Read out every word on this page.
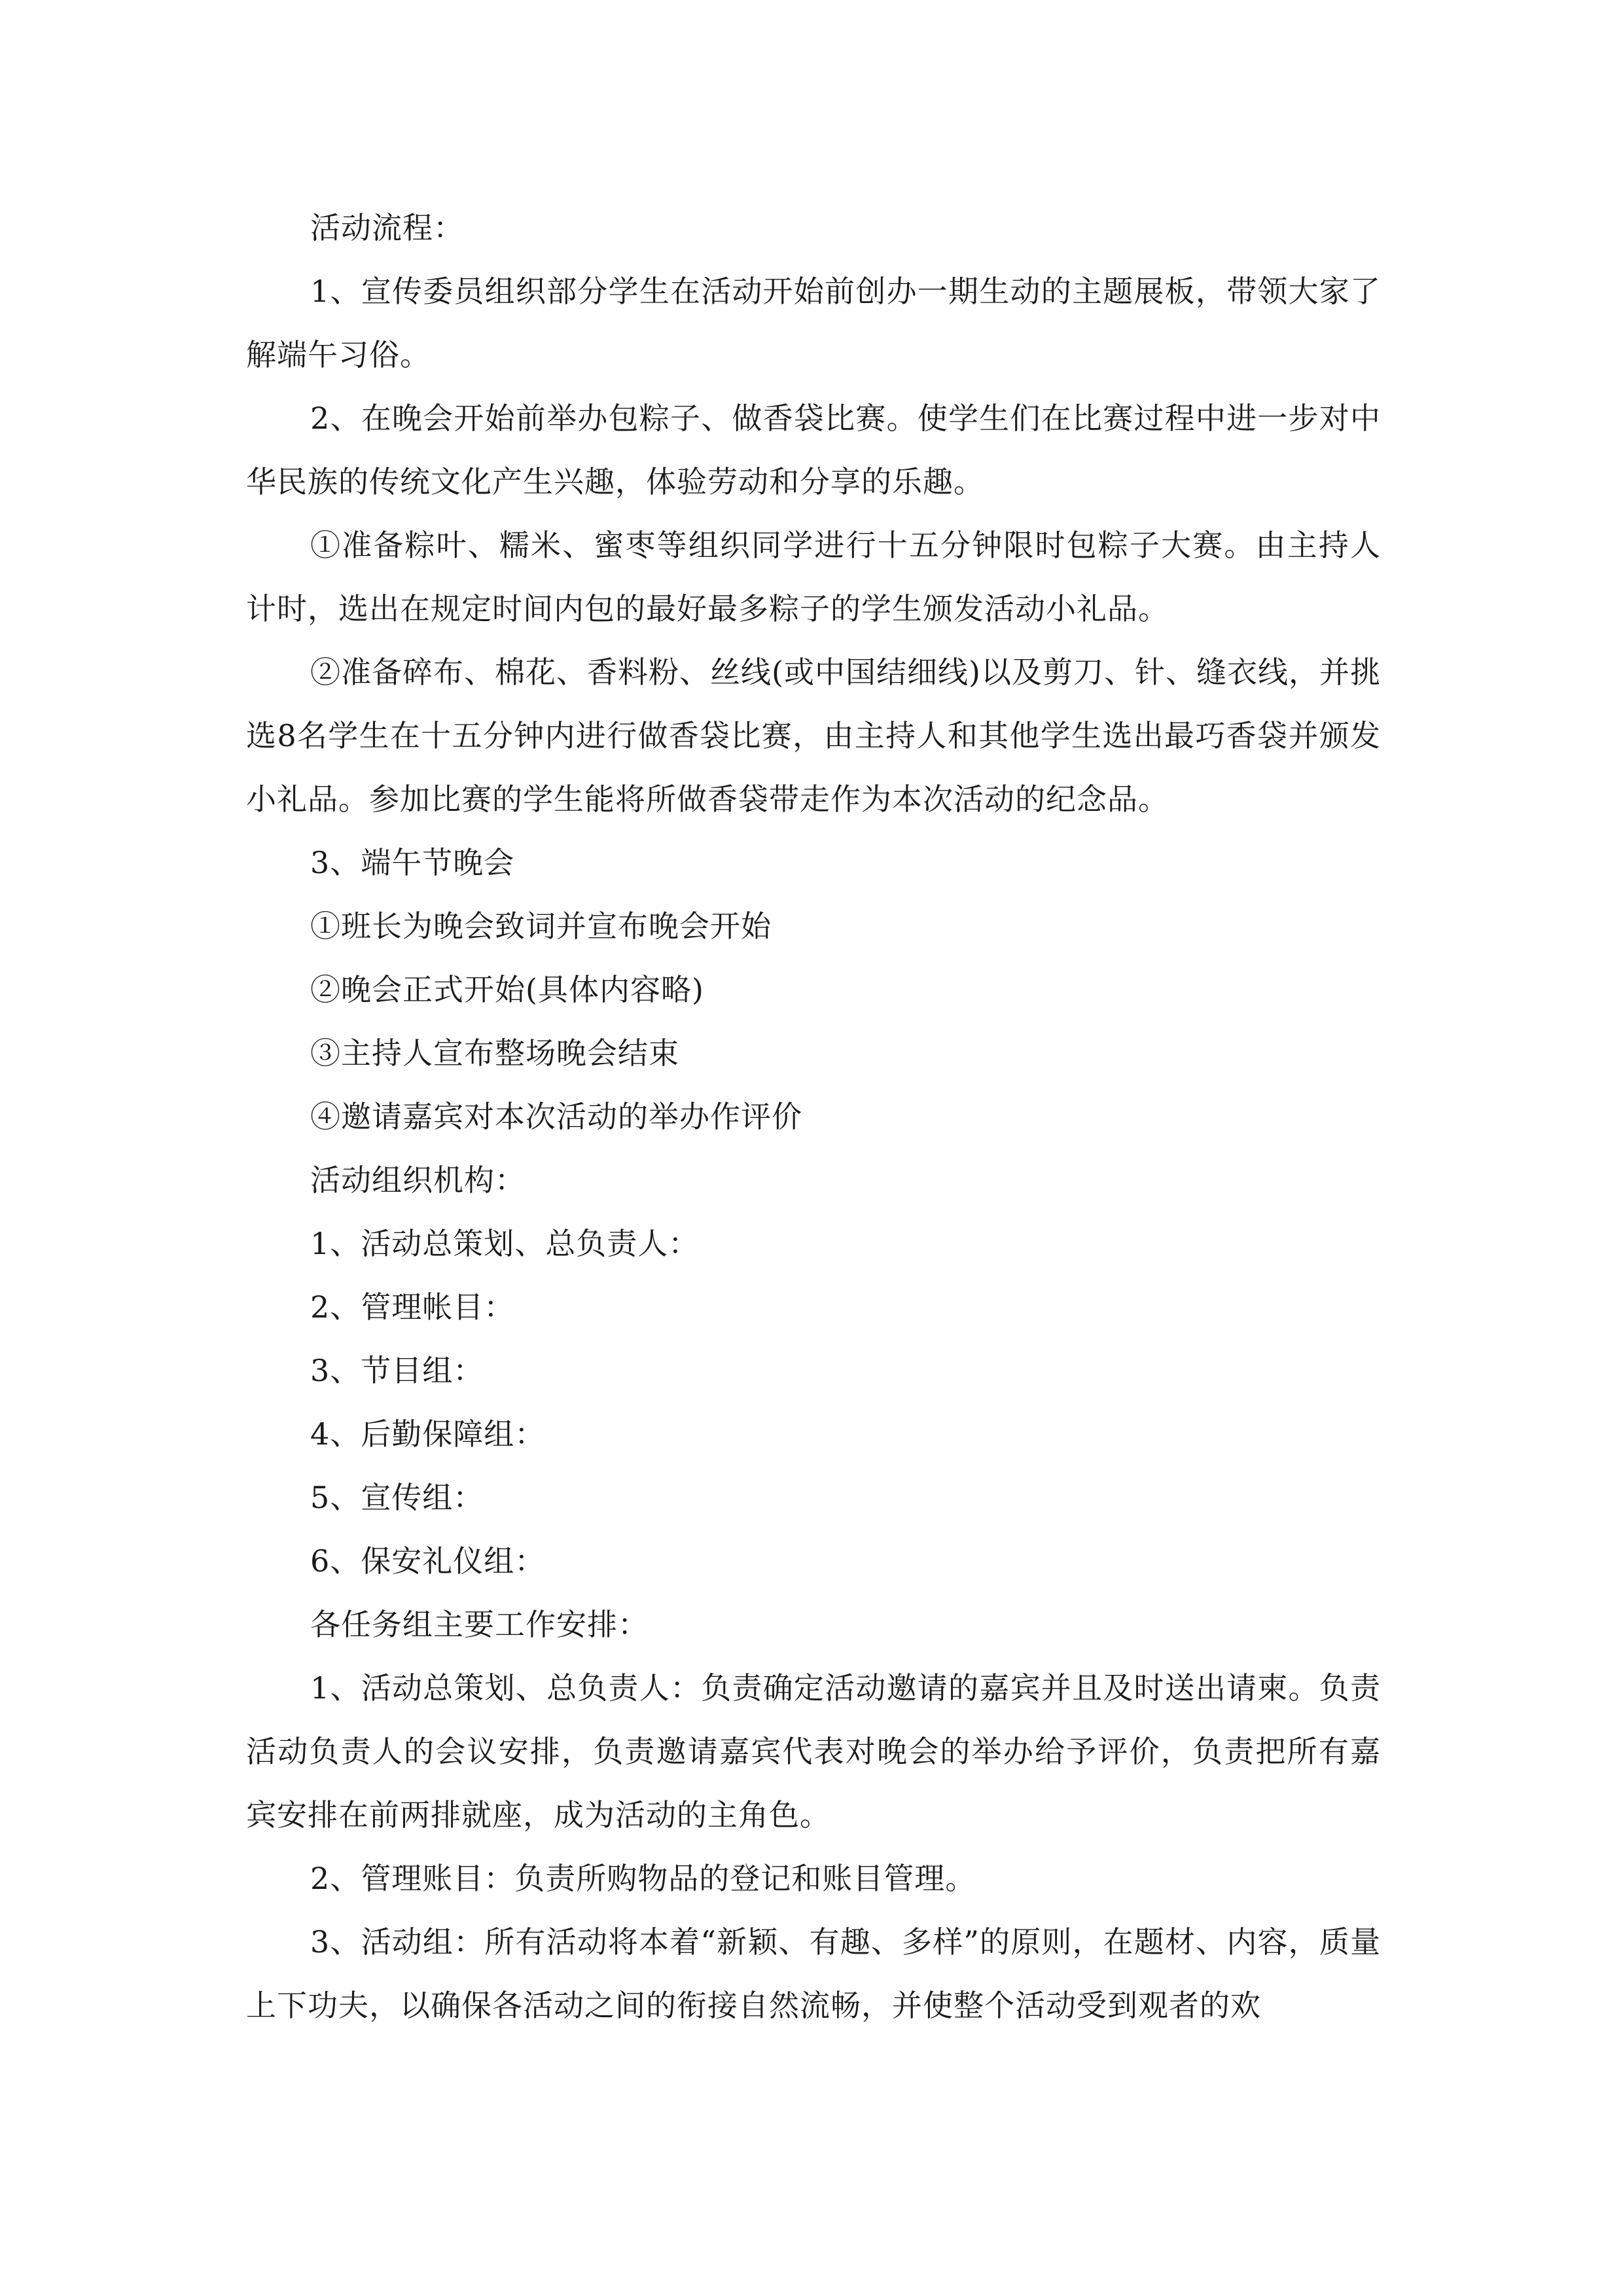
活动流程：

1、宣传委员组织部分学生在活动开始前创办一期生动的主题展板，带领大家了解端午习俗。

2、在晚会开始前举办包粽子、做香袋比赛。使学生们在比赛过程中进一步对中华民族的传统文化产生兴趣，体验劳动和分享的乐趣。

①准备粽叶、糯米、蜜枣等组织同学进行十五分钟限时包粽子大赛。由主持人计时，选出在规定时间内包的最好最多粽子的学生颁发活动小礼品。

②准备碎布、棉花、香料粉、丝线(或中国结细线)以及剪刀、针、缝衣线，并挑选8名学生在十五分钟内进行做香袋比赛，由主持人和其他学生选出最巧香袋并颁发小礼品。参加比赛的学生能将所做香袋带走作为本次活动的纪念品。

3、端午节晚会

①班长为晚会致词并宣布晚会开始

②晚会正式开始(具体内容略)

③主持人宣布整场晚会结束

④邀请嘉宾对本次活动的举办作评价

活动组织机构：

1、活动总策划、总负责人：

2、管理帐目：

3、节目组：

4、后勤保障组：

5、宣传组：

6、保安礼仪组：

各任务组主要工作安排：

1、活动总策划、总负责人：负责确定活动邀请的嘉宾并且及时送出请柬。负责活动负责人的会议安排，负责邀请嘉宾代表对晚会的举办给予评价，负责把所有嘉宾安排在前两排就座，成为活动的主角色。

2、管理账目：负责所购物品的登记和账目管理。

3、活动组：所有活动将本着“新颖、有趣、多样”的原则，在题材、内容，质量上下功夫，以确保各活动之间的衔接自然流畅，并使整个活动受到观者的欢
